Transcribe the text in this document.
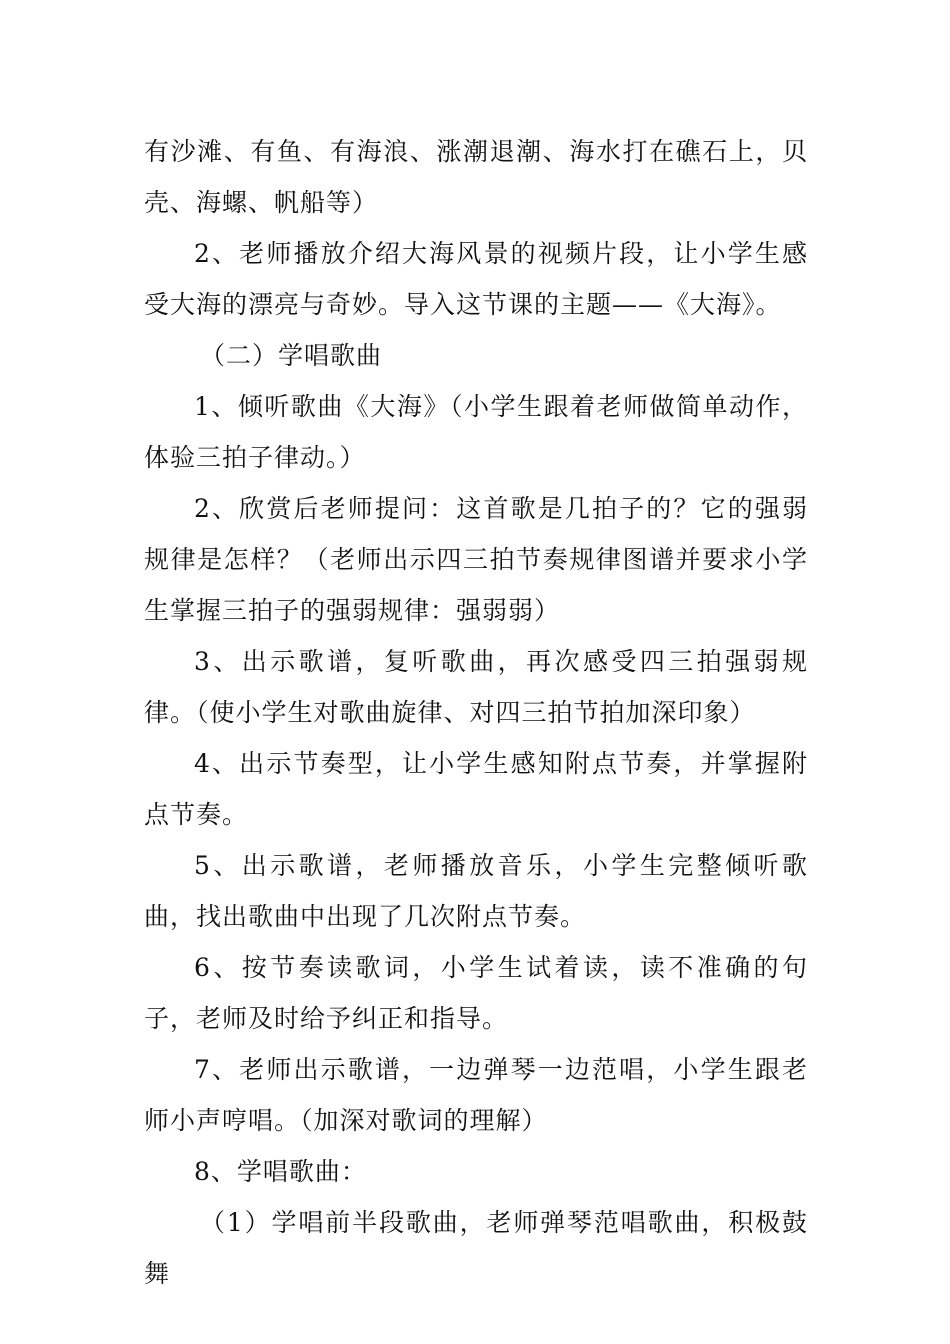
有沙滩、有鱼、有海浪、涨潮退潮、海水打在礁石上，贝壳、海螺、帆船等）

2、老师播放介绍大海风景的视频片段，让小学生感受大海的漂亮与奇妙。导入这节课的主题——《大海》。

（二）学唱歌曲

1、倾听歌曲《大海》（小学生跟着老师做简单动作，体验三拍子律动。）

2、欣赏后老师提问：这首歌是几拍子的？它的强弱规律是怎样？（老师出示四三拍节奏规律图谱并要求小学生掌握三拍子的强弱规律：强弱弱）

3、出示歌谱，复听歌曲，再次感受四三拍强弱规律。（使小学生对歌曲旋律、对四三拍节拍加深印象）

4、出示节奏型，让小学生感知附点节奏，并掌握附点节奏。

5、出示歌谱，老师播放音乐，小学生完整倾听歌曲，找出歌曲中出现了几次附点节奏。

6、按节奏读歌词，小学生试着读，读不准确的句子，老师及时给予纠正和指导。

7、老师出示歌谱，一边弹琴一边范唱，小学生跟老师小声哼唱。（加深对歌词的理解）

8、学唱歌曲：

（1）学唱前半段歌曲，老师弹琴范唱歌曲，积极鼓舞
